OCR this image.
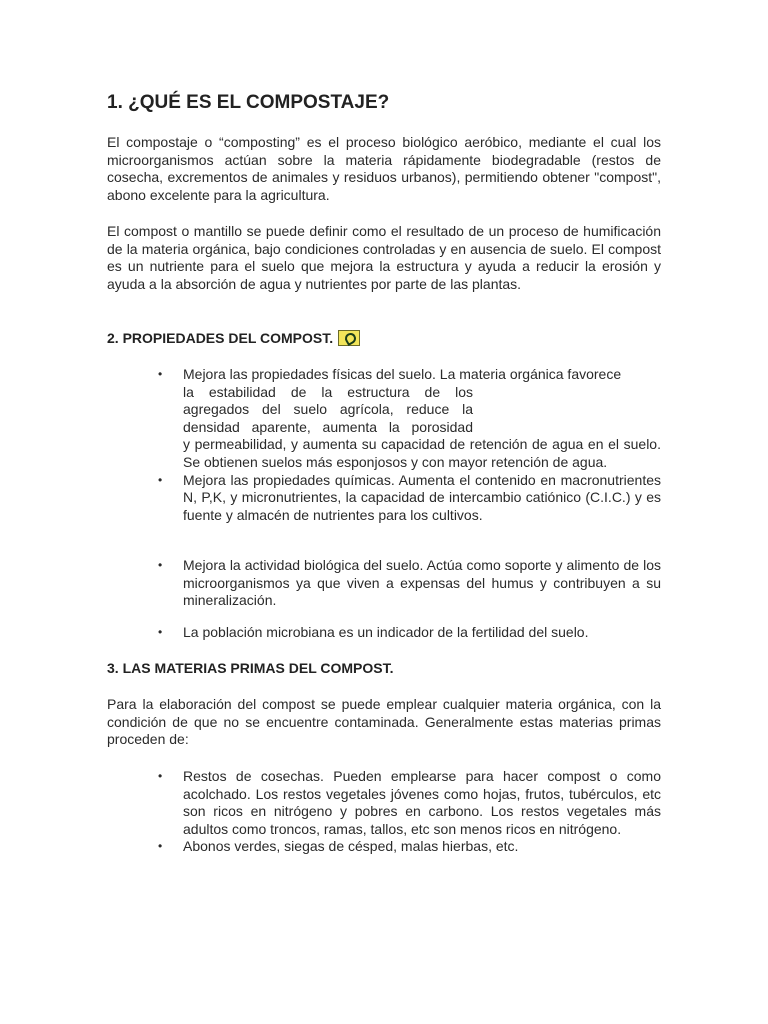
1. ¿QUÉ ES EL COMPOSTAJE?

El compostaje o “composting” es el proceso biológico aeróbico, mediante el cual los microorganismos actúan sobre la materia rápidamente biodegradable (restos de cosecha, excrementos de animales y residuos urbanos), permitiendo obtener "compost", abono excelente para la agricultura.

El compost o mantillo se puede definir como el resultado de un proceso de humificación de la materia orgánica, bajo condiciones controladas y en ausencia de suelo. El compost es un nutriente para el suelo que mejora la estructura y ayuda a reducir la erosión y ayuda a la absorción de agua y nutrientes por parte de las plantas.

2. PROPIEDADES DEL COMPOST.
• Mejora las propiedades físicas del suelo. La materia orgánica favorece

la estabilidad de la estructura de los
agregados del suelo agrícola, reduce la
densidad aparente, aumenta la porosidad
y permeabilidad, y aumenta su capacidad de retención de agua en el suelo. Se obtienen suelos más esponjosos y con mayor retención de agua.
• Mejora las propiedades químicas. Aumenta el contenido en macronutrientes N, P,K, y micronutrientes, la capacidad de intercambio catiónico (C.I.C.) y es fuente y almacén de nutrientes para los cultivos.
• Mejora la actividad biológica del suelo. Actúa como soporte y alimento de los microorganismos ya que viven a expensas del humus y contribuyen a su mineralización.
• La población microbiana es un indicador de la fertilidad del suelo.
3. LAS MATERIAS PRIMAS DEL COMPOST.

Para la elaboración del compost se puede emplear cualquier materia orgánica, con la condición de que no se encuentre contaminada. Generalmente estas materias primas proceden de:

• Restos de cosechas. Pueden emplearse para hacer compost o como acolchado. Los restos vegetales jóvenes como hojas, frutos, tubérculos, etc son ricos en nitrógeno y pobres en carbono. Los restos vegetales más adultos como troncos, ramas, tallos, etc son menos ricos en nitrógeno.
• Abonos verdes, siegas de césped, malas hierbas, etc.
